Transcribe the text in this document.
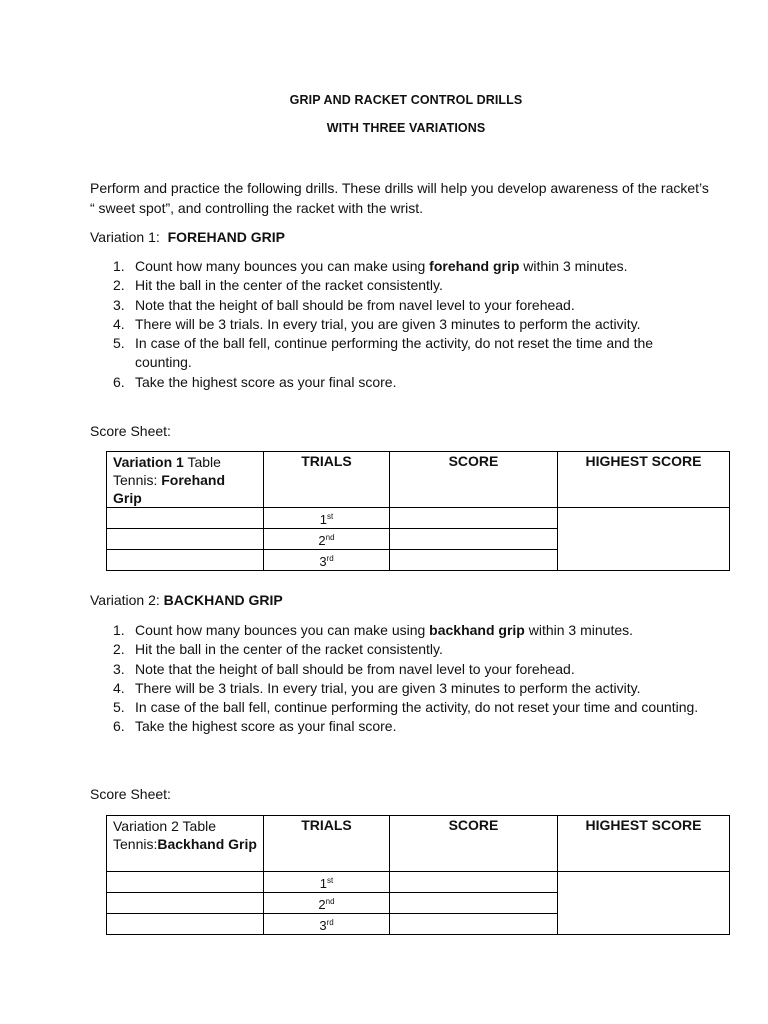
GRIP AND RACKET CONTROL DRILLS
WITH THREE VARIATIONS
Perform and practice the following drills. These drills will help you develop awareness of the racket’s “ sweet spot”, and controlling the racket with the wrist.
Variation 1:  FOREHAND GRIP
1. Count how many bounces you can make using forehand grip within 3 minutes.
2. Hit the ball in the center of the racket consistently.
3. Note that the height of ball should be from navel level to your forehead.
4. There will be 3 trials. In every trial, you are given 3 minutes to perform the activity.
5. In case of the ball fell, continue performing the activity, do not reset the time and the counting.
6. Take the highest score as your final score.
Score Sheet:
Variation 1 Table Tennis: Forehand Grip	TRIALS	SCORE	HIGHEST SCORE
	1st		
	2nd	
	3rd	
Variation 2: BACKHAND GRIP
1. Count how many bounces you can make using backhand grip within 3 minutes.
2. Hit the ball in the center of the racket consistently.
3. Note that the height of ball should be from navel level to your forehead.
4. There will be 3 trials. In every trial, you are given 3 minutes to perform the activity.
5. In case of the ball fell, continue performing the activity, do not reset your time and counting.
6. Take the highest score as your final score.
Score Sheet:
Variation 2 Table Tennis:Backhand Grip	TRIALS	SCORE	HIGHEST SCORE
	1st		
	2nd	
	3rd	
